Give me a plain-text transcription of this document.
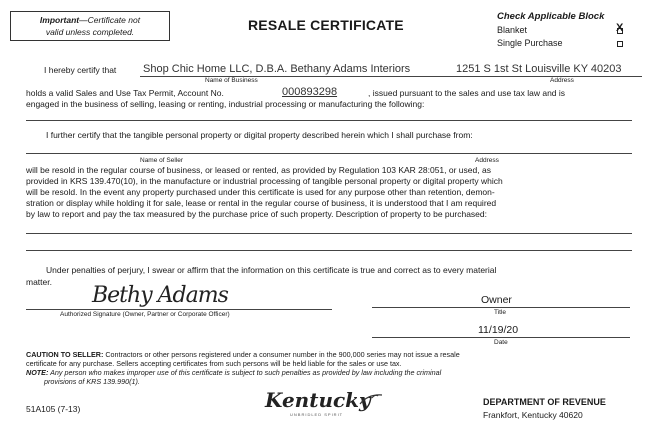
Important—Certificate not
valid unless completed.	RESALE CERTIFICATE
Check Applicable Block
Blanket	X
Single Purchase
I hereby certify that Shop Chic Home LLC, D.B.A. Bethany Adams Interiors	1251 S 1st St Louisville KY 40203
Name of Business	Address
holds a valid Sales and Use Tax Permit, Account No.	000893298	, issued pursuant to the sales and use tax law and is
engaged in the business of selling, leasing or renting, industrial processing or manufacturing the following:
I further certify that the tangible personal property or digital property described herein which I shall purchase from:
Name of Seller	Address
will be resold in the regular course of business, or leased or rented, as provided by Regulation 103 KAR 28:051, or used, as
provided in KRS 139.470(10), in the manufacture or industrial processing of tangible personal property or digital property which
will be resold. In the event any property purchased under this certificate is used for any purpose other than retention, demon-
stration or display while holding it for sale, lease or rental in the regular course of business, it is understood that I am required
by law to report and pay the tax measured by the purchase price of such property. Description of property to be purchased:
Under penalties of perjury, I swear or affirm that the information on this certificate is true and correct as to every material
matter.
Bethy Adams
Authorized Signature (Owner, Partner or Corporate Officer)
Owner
Title
11/19/20
Date
CAUTION TO SELLER: Contractors or other persons registered under a consumer number in the 900,000 series may not issue a resale
certificate for any purchase. Sellers accepting certificates from such persons will be held liable for the sales or use tax.
NOTE: Any person who makes improper use of this certificate is subject to such penalties as provided by law including the criminal
provisions of KRS 139.990(1).
51A105 (7-13)	Kentucky
UNBRIDLED SPIRIT
DEPARTMENT OF REVENUE
Frankfort, Kentucky 40620
